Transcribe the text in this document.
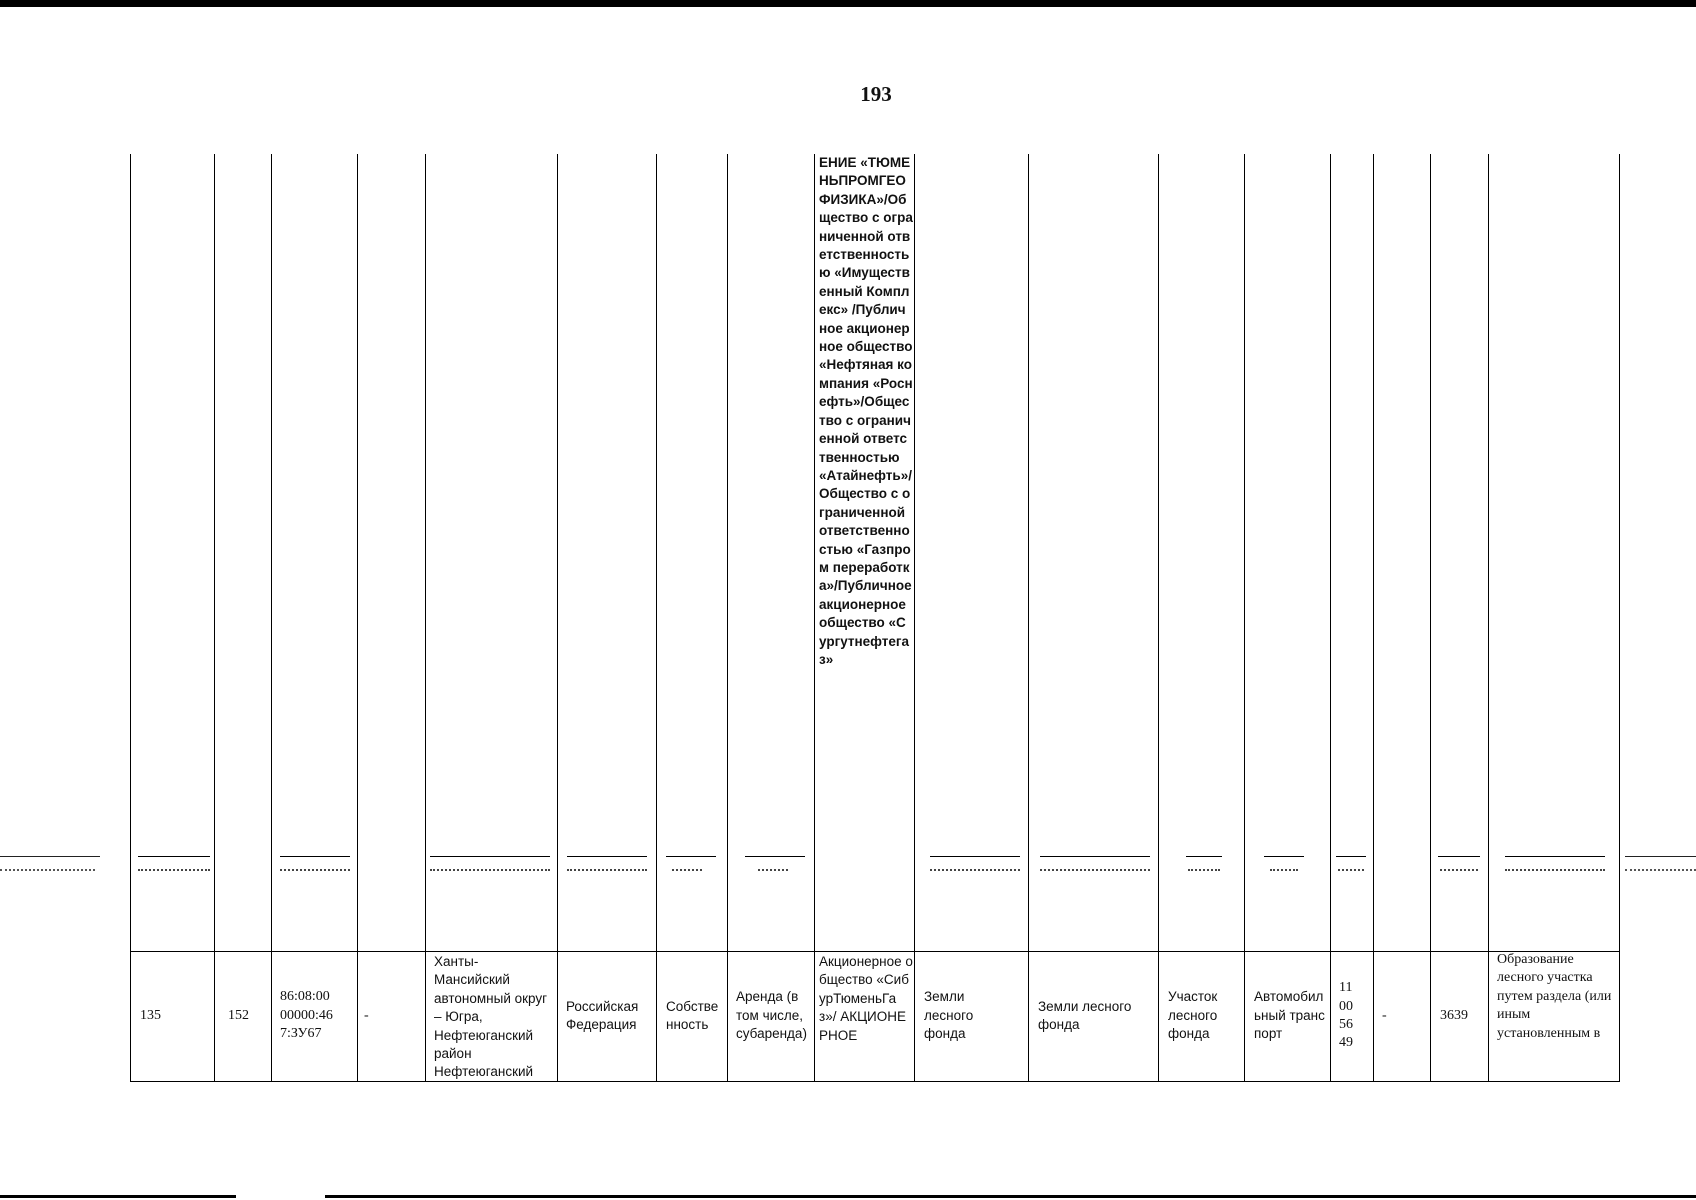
193
ЕНИЕ «ТЮМЕНЬПРОМГЕОФИЗИКА»/Общество с ограниченной ответственностью «Имущественный Комплекс» /Публичное акционерное общество «Нефтяная компания «Роснефть»/Общество с ограниченной ответственностью «Атайнефть»/Общество с ограниченной ответственностью «Газпром переработка»/Публичное акционерное общество «Сургутнефтегаз»
135	152
86:08:00 00000:46 7:ЗУ67
-
Ханты-Мансийский автономный округ – Югра, Нефтеюганский район Нефтеюганский
Российская Федерация
Собственность
Аренда (в том числе, субаренда)
Акционерное общество «СибурТюменьГаз»/ АКЦИОНЕРНОЕ
Земли лесного фонда
Земли лесного фонда
Участок лесного фонда
Автомобильный транспорт
11 00 56 49
-	3639
Образование лесного участка путем раздела (или иным установленным в
